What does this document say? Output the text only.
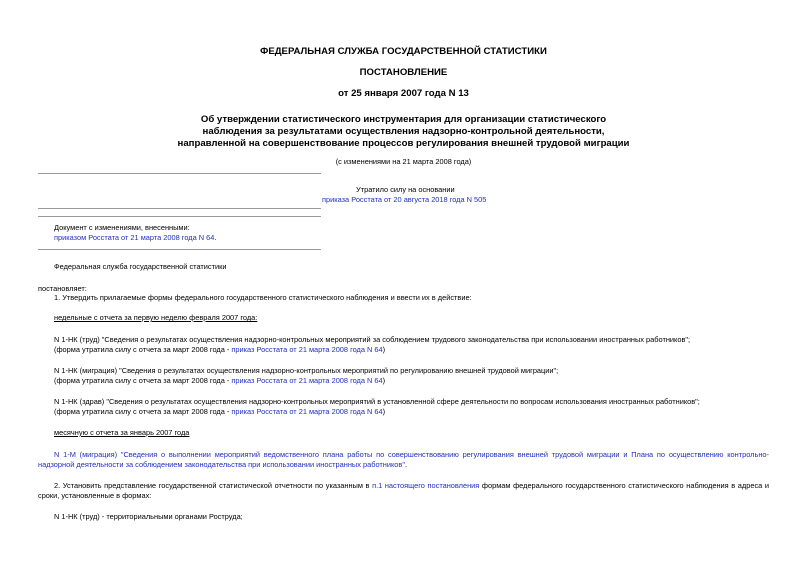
ФЕДЕРАЛЬНАЯ СЛУЖБА ГОСУДАРСТВЕННОЙ СТАТИСТИКИ
ПОСТАНОВЛЕНИЕ
от 25 января 2007 года N 13
Об утверждении статистического инструментария для организации статистического
наблюдения за результатами осуществления надзорно-контрольной деятельности,
направленной на совершенствование процессов регулирования внешней трудовой миграции
(с изменениями на 21 марта 2008 года)
Утратило силу на основании
приказа Росстата от 20 августа 2018 года N 505
Документ с изменениями, внесенными:
приказом Росстата от 21 марта 2008 года N 64.
Федеральная служба государственной статистики
постановляет:
1. Утвердить прилагаемые формы федерального государственного статистического наблюдения и ввести их в действие:
недельные с отчета за первую неделю февраля 2007 года:
N 1-НК (труд) "Сведения о результатах осуществления надзорно-контрольных мероприятий за соблюдением трудового законодательства при использовании иностранных работников";
(форма утратила силу с отчета за март 2008 года - приказ Росстата от 21 марта 2008 года N 64)
N 1-НК (миграция) "Сведения о результатах осуществления надзорно-контрольных мероприятий по регулированию внешней трудовой миграции";
(форма утратила силу с отчета за март 2008 года - приказ Росстата от 21 марта 2008 года N 64)
N 1-НК (здрав) "Сведения о результатах осуществления надзорно-контрольных мероприятий в установленной сфере деятельности по вопросам использования иностранных работников";
(форма утратила силу с отчета за март 2008 года - приказ Росстата от 21 марта 2008 года N 64)
месячную с отчета за январь 2007 года
N 1-М (миграция) "Сведения о выполнении мероприятий ведомственного плана работы по совершенствованию регулирования внешней трудовой миграции и Плана по осуществлению контрольно-надзорной деятельности за соблюдением законодательства при использовании иностранных работников".
2. Установить представление государственной статистической отчетности по указанным в п.1 настоящего постановления формам федерального государственного статистического наблюдения в адреса и сроки, установленные в формах:
N 1-НК (труд) - территориальными органами Роструда;
